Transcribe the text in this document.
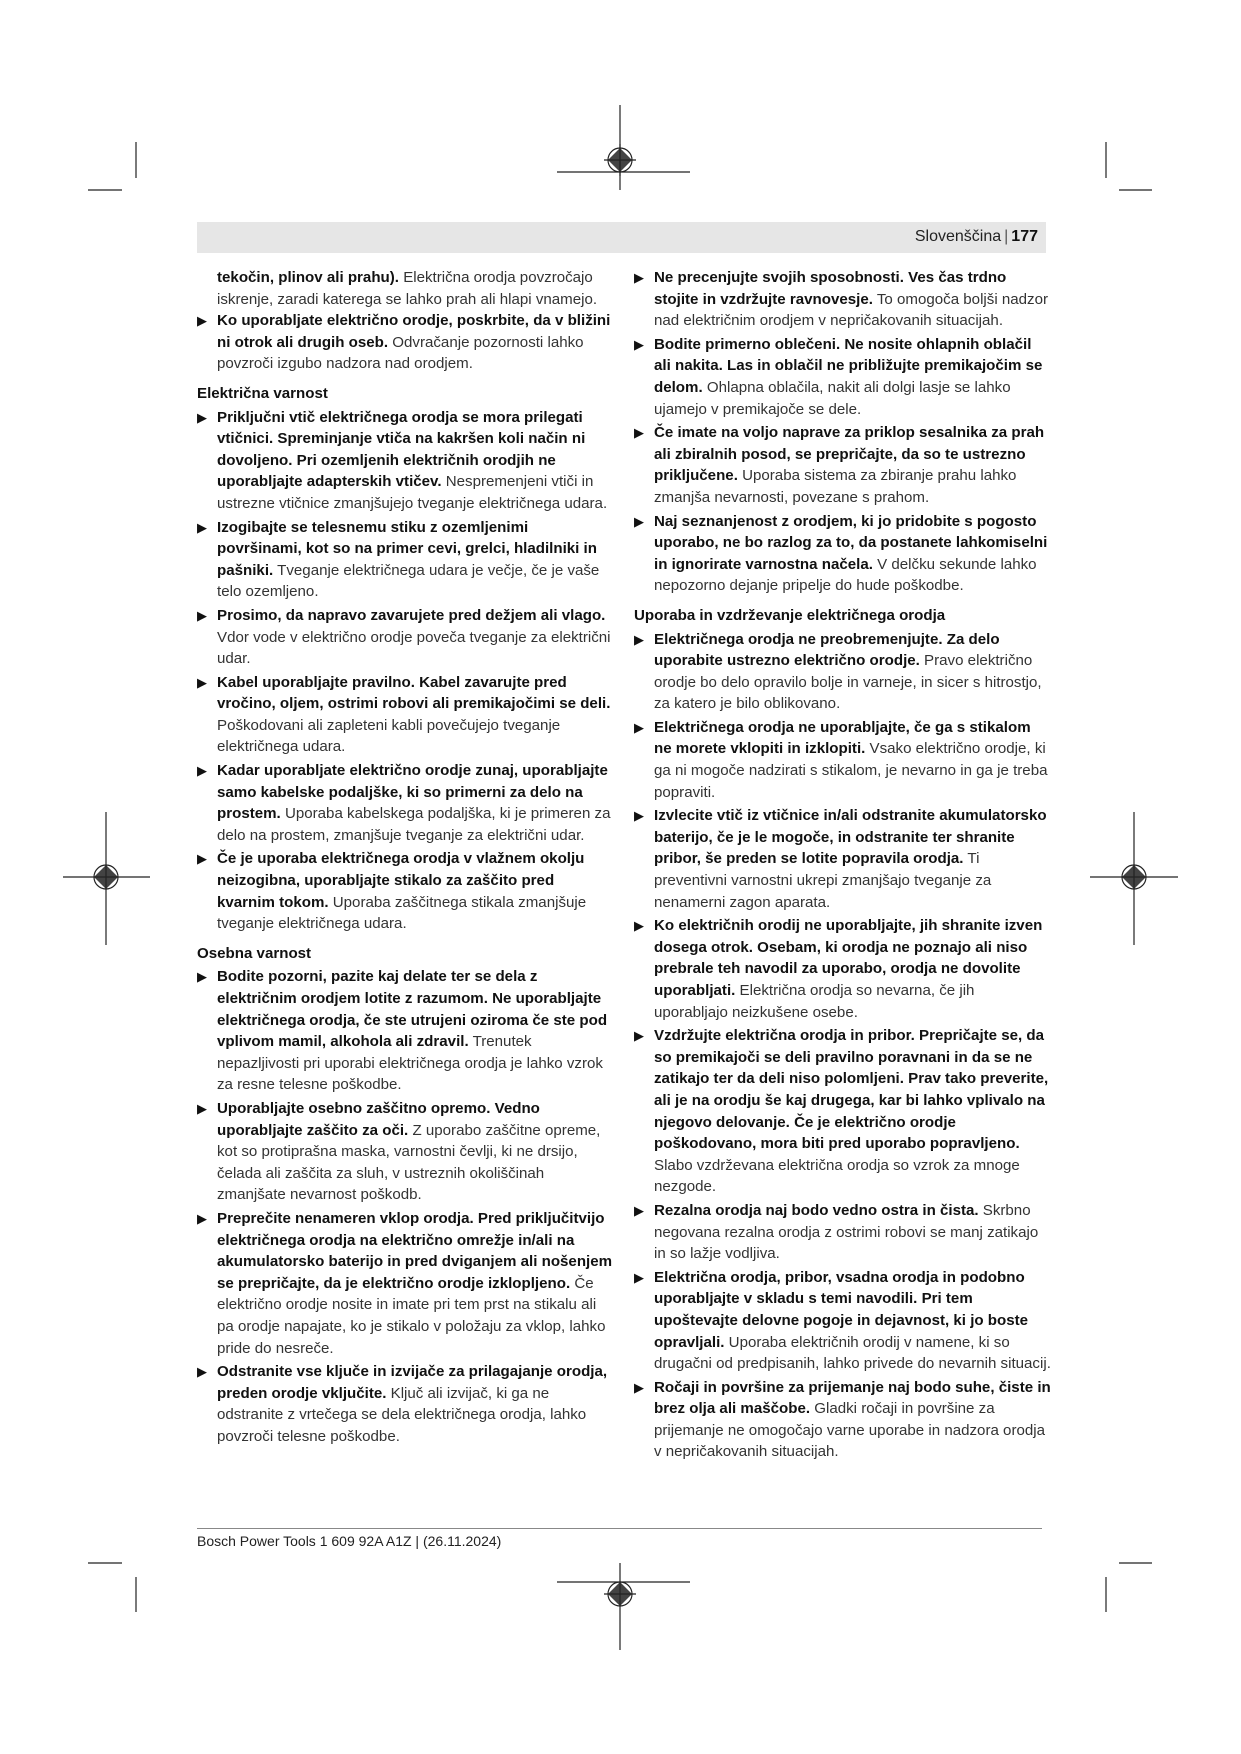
Slovenščina | 177
tekočin, plinov ali prahu). Električna orodja povzročajo iskrenje, zaradi katerega se lahko prah ali hlapi vnamejo.
▶ Ko uporabljate električno orodje, poskrbite, da v bližini ni otrok ali drugih oseb. Odvračanje pozornosti lahko povzroči izgubo nadzora nad orodjem.
Električna varnost
▶ Priključni vtič električnega orodja se mora prilegati vtičnici. Spreminjanje vtiča na kakršen koli način ni dovoljeno. Pri ozemljenih električnih orodjih ne uporabljajte adapterskih vtičev. Nespremenjeni vtiči in ustrezne vtičnice zmanjšujejo tveganje električnega udara.
▶ Izogibajte se telesnemu stiku z ozemljenimi površinami, kot so na primer cevi, grelci, hladilniki in pašniki. Tveganje električnega udara je večje, če je vaše telo ozemljeno.
▶ Prosimo, da napravo zavarujete pred dežjem ali vlago. Vdor vode v električno orodje poveča tveganje za električni udar.
▶ Kabel uporabljajte pravilno. Kabel zavarujte pred vročino, oljem, ostrimi robovi ali premikajočimi se deli. Poškodovani ali zapleteni kabli povečujejo tveganje električnega udara.
▶ Kadar uporabljate električno orodje zunaj, uporabljajte samo kabelske podaljške, ki so primerni za delo na prostem. Uporaba kabelskega podaljška, ki je primeren za delo na prostem, zmanjšuje tveganje za električni udar.
▶ Če je uporaba električnega orodja v vlažnem okolju neizogibna, uporabljajte stikalo za zaščito pred kvarnim tokom. Uporaba zaščitnega stikala zmanjšuje tveganje električnega udara.
Osebna varnost
▶ Bodite pozorni, pazite kaj delate ter se dela z električnim orodjem lotite z razumom. Ne uporabljajte električnega orodja, če ste utrujeni oziroma če ste pod vplivom mamil, alkohola ali zdravil. Trenutek nepazljivosti pri uporabi električnega orodja je lahko vzrok za resne telesne poškodbe.
▶ Uporabljajte osebno zaščitno opremo. Vedno uporabljajte zaščito za oči. Z uporabo zaščitne opreme, kot so protiprašna maska, varnostni čevlji, ki ne drsijo, čelada ali zaščita za sluh, v ustreznih okoliščinah zmanjšate nevarnost poškodb.
▶ Preprečite nenameren vklop orodja. Pred priključitvijo električnega orodja na električno omrežje in/ali na akumulatorsko baterijo in pred dviganjem ali nošenjem se prepričajte, da je električno orodje izklopljeno. Če električno orodje nosite in imate pri tem prst na stikalu ali pa orodje napajate, ko je stikalo v položaju za vklop, lahko pride do nesreče.
▶ Odstranite vse ključe in izvijače za prilagajanje orodja, preden orodje vključite. Ključ ali izvijač, ki ga ne odstranite z vrtečega se dela električnega orodja, lahko povzroči telesne poškodbe.
▶ Ne precenjujte svojih sposobnosti. Ves čas trdno stojite in vzdržujte ravnovesje. To omogoča boljši nadzor nad električnim orodjem v nepričakovanih situacijah.
▶ Bodite primerno oblečeni. Ne nosite ohlapnih oblačil ali nakita. Las in oblačil ne približujte premikajočim se delom. Ohlapna oblačila, nakit ali dolgi lasje se lahko ujamejo v premikajoče se dele.
▶ Če imate na voljo naprave za priklop sesalnika za prah ali zbiralnih posod, se prepričajte, da so te ustrezno priključene. Uporaba sistema za zbiranje prahu lahko zmanjša nevarnosti, povezane s prahom.
▶ Naj seznanjenost z orodjem, ki jo pridobite s pogosto uporabo, ne bo razlog za to, da postanete lahkomiselni in ignorirate varnostna načela. V delčku sekunde lahko nepozorno dejanje pripelje do hude poškodbe.
Uporaba in vzdrževanje električnega orodja
▶ Električnega orodja ne preobremenjujte. Za delo uporabite ustrezno električno orodje. Pravo električno orodje bo delo opravilo bolje in varneje, in sicer s hitrostjo, za katero je bilo oblikovano.
▶ Električnega orodja ne uporabljajte, če ga s stikalom ne morete vklopiti in izklopiti. Vsako električno orodje, ki ga ni mogoče nadzirati s stikalom, je nevarno in ga je treba popraviti.
▶ Izvlecite vtič iz vtičnice in/ali odstranite akumulatorsko baterijo, če je le mogoče, in odstranite ter shranite pribor, še preden se lotite popravila orodja. Ti preventivni varnostni ukrepi zmanjšajo tveganje za nenamerni zagon aparata.
▶ Ko električnih orodij ne uporabljajte, jih shranite izven dosega otrok. Osebam, ki orodja ne poznajo ali niso prebrale teh navodil za uporabo, orodja ne dovolite uporabljati. Električna orodja so nevarna, če jih uporabljajo neizkušene osebe.
▶ Vzdržujte električna orodja in pribor. Prepričajte se, da so premikajoči se deli pravilno poravnani in da se ne zatikajo ter da deli niso polomljeni. Prav tako preverite, ali je na orodju še kaj drugega, kar bi lahko vplivalo na njegovo delovanje. Če je električno orodje poškodovano, mora biti pred uporabo popravljeno. Slabo vzdrževana električna orodja so vzrok za mnoge nezgode.
▶ Rezalna orodja naj bodo vedno ostra in čista. Skrbno negovana rezalna orodja z ostrimi robovi se manj zatikajo in so lažje vodljiva.
▶ Električna orodja, pribor, vsadna orodja in podobno uporabljajte v skladu s temi navodili. Pri tem upoštevajte delovne pogoje in dejavnost, ki jo boste opravljali. Uporaba električnih orodij v namene, ki so drugačni od predpisanih, lahko privede do nevarnih situacij.
▶ Ročaji in površine za prijemanje naj bodo suhe, čiste in brez olja ali maščobe. Gladki ročaji in površine za prijemanje ne omogočajo varne uporabe in nadzora orodja v nepričakovanih situacijah.
Bosch Power Tools 1 609 92A A1Z | (26.11.2024)
